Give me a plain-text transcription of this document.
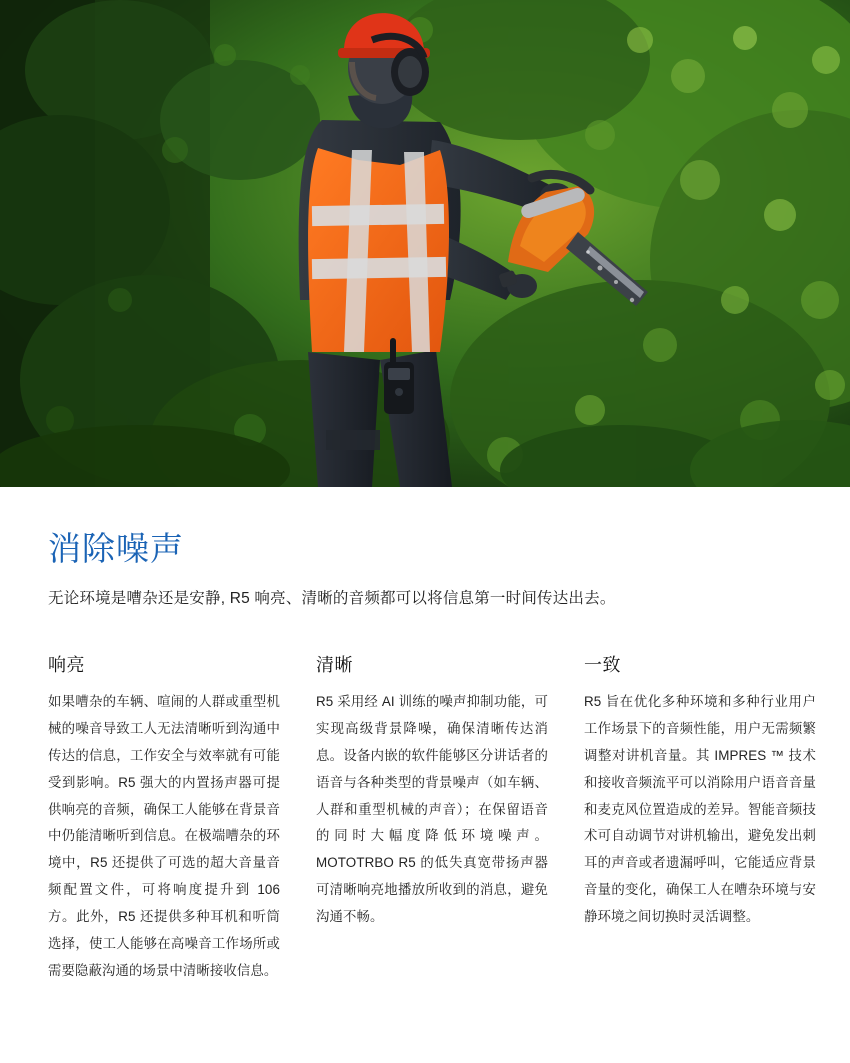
消除噪声

无论环境是嘈杂还是安静, R5 响亮、清晰的音频都可以将信息第一时间传达出去。

响亮

如果嘈杂的车辆、喧闹的人群或重型机械的噪音导致工人无法清晰听到沟通中传达的信息，工作安全与效率就有可能受到影响。R5 强大的内置扬声器可提供响亮的音频，确保工人能够在背景音中仍能清晰听到信息。在极端嘈杂的环境中，R5 还提供了可选的超大音量音频配置文件，可将响度提升到 106 方。此外，R5 还提供多种耳机和听筒选择，使工人能够在高噪音工作场所或需要隐蔽沟通的场景中清晰接收信息。

清晰

R5 采用经 AI 训练的噪声抑制功能，可实现高级背景降噪，确保清晰传达消息。设备内嵌的软件能够区分讲话者的语音与各种类型的背景噪声（如车辆、人群和重型机械的声音）；在保留语音的同时大幅度降低环境噪声。MOTOTRBO R5 的低失真宽带扬声器可清晰响亮地播放所收到的消息，避免沟通不畅。

一致

R5 旨在优化多种环境和多种行业用户工作场景下的音频性能，用户无需频繁调整对讲机音量。其 IMPRES ™ 技术和接收音频流平可以消除用户语音音量和麦克风位置造成的差异。智能音频技术可自动调节对讲机输出，避免发出刺耳的声音或者遗漏呼叫，它能适应背景音量的变化，确保工人在嘈杂环境与安静环境之间切换时灵活调整。
